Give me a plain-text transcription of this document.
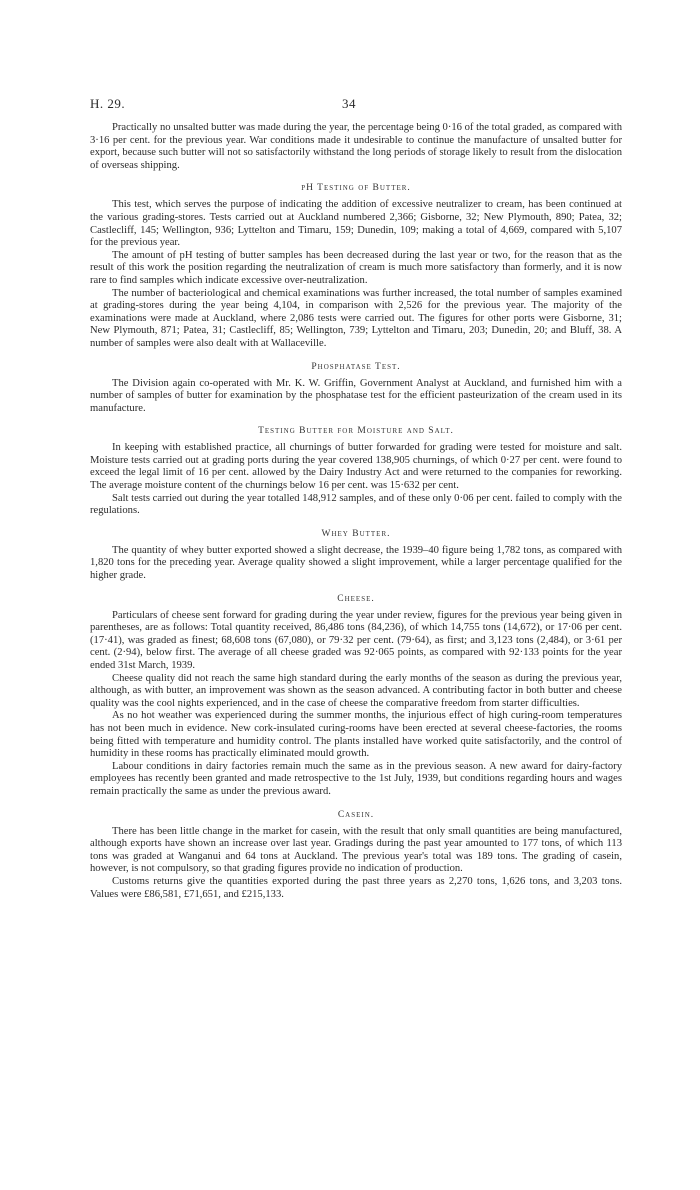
H. 29.	34

Practically no unsalted butter was made during the year, the percentage being 0·16 of the total graded, as compared with 3·16 per cent. for the previous year. War conditions made it undesirable to continue the manufacture of unsalted butter for export, because such butter will not so satisfactorily withstand the long periods of storage likely to result from the dislocation of overseas shipping.

pH Testing of Butter.

This test, which serves the purpose of indicating the addition of excessive neutralizer to cream, has been continued at the various grading-stores. Tests carried out at Auckland numbered 2,366; Gisborne, 32; New Plymouth, 890; Patea, 32; Castlecliff, 145; Wellington, 936; Lyttelton and Timaru, 159; Dunedin, 109; making a total of 4,669, compared with 5,107 for the previous year.

The amount of pH testing of butter samples has been decreased during the last year or two, for the reason that as the result of this work the position regarding the neutralization of cream is much more satisfactory than formerly, and it is now rare to find samples which indicate excessive over-neutralization.

The number of bacteriological and chemical examinations was further increased, the total number of samples examined at grading-stores during the year being 4,104, in comparison with 2,526 for the previous year. The majority of the examinations were made at Auckland, where 2,086 tests were carried out. The figures for other ports were Gisborne, 31; New Plymouth, 871; Patea, 31; Castlecliff, 85; Wellington, 739; Lyttelton and Timaru, 203; Dunedin, 20; and Bluff, 38. A number of samples were also dealt with at Wallaceville.

Phosphatase Test.

The Division again co-operated with Mr. K. W. Griffin, Government Analyst at Auckland, and furnished him with a number of samples of butter for examination by the phosphatase test for the efficient pasteurization of the cream used in its manufacture.

Testing Butter for Moisture and Salt.

In keeping with established practice, all churnings of butter forwarded for grading were tested for moisture and salt. Moisture tests carried out at grading ports during the year covered 138,905 churnings, of which 0·27 per cent. were found to exceed the legal limit of 16 per cent. allowed by the Dairy Industry Act and were returned to the companies for reworking. The average moisture content of the churnings below 16 per cent. was 15·632 per cent.

Salt tests carried out during the year totalled 148,912 samples, and of these only 0·06 per cent. failed to comply with the regulations.

Whey Butter.

The quantity of whey butter exported showed a slight decrease, the 1939–40 figure being 1,782 tons, as compared with 1,820 tons for the preceding year. Average quality showed a slight improvement, while a larger percentage qualified for the higher grade.

Cheese.

Particulars of cheese sent forward for grading during the year under review, figures for the previous year being given in parentheses, are as follows: Total quantity received, 86,486 tons (84,236), of which 14,755 tons (14,672), or 17·06 per cent. (17·41), was graded as finest; 68,608 tons (67,080), or 79·32 per cent. (79·64), as first; and 3,123 tons (2,484), or 3·61 per cent. (2·94), below first. The average of all cheese graded was 92·065 points, as compared with 92·133 points for the year ended 31st March, 1939.

Cheese quality did not reach the same high standard during the early months of the season as during the previous year, although, as with butter, an improvement was shown as the season advanced. A contributing factor in both butter and cheese quality was the cool nights experienced, and in the case of cheese the comparative freedom from starter difficulties.

As no hot weather was experienced during the summer months, the injurious effect of high curing-room temperatures has not been much in evidence. New cork-insulated curing-rooms have been erected at several cheese-factories, the rooms being fitted with temperature and humidity control. The plants installed have worked quite satisfactorily, and the control of humidity in these rooms has practically eliminated mould growth.

Labour conditions in dairy factories remain much the same as in the previous season. A new award for dairy-factory employees has recently been granted and made retrospective to the 1st July, 1939, but conditions regarding hours and wages remain practically the same as under the previous award.

Casein.

There has been little change in the market for casein, with the result that only small quantities are being manufactured, although exports have shown an increase over last year. Gradings during the past year amounted to 177 tons, of which 113 tons was graded at Wanganui and 64 tons at Auckland. The previous year's total was 189 tons. The grading of casein, however, is not compulsory, so that grading figures provide no indication of production.

Customs returns give the quantities exported during the past three years as 2,270 tons, 1,626 tons, and 3,203 tons. Values were £86,581, £71,651, and £215,133.
